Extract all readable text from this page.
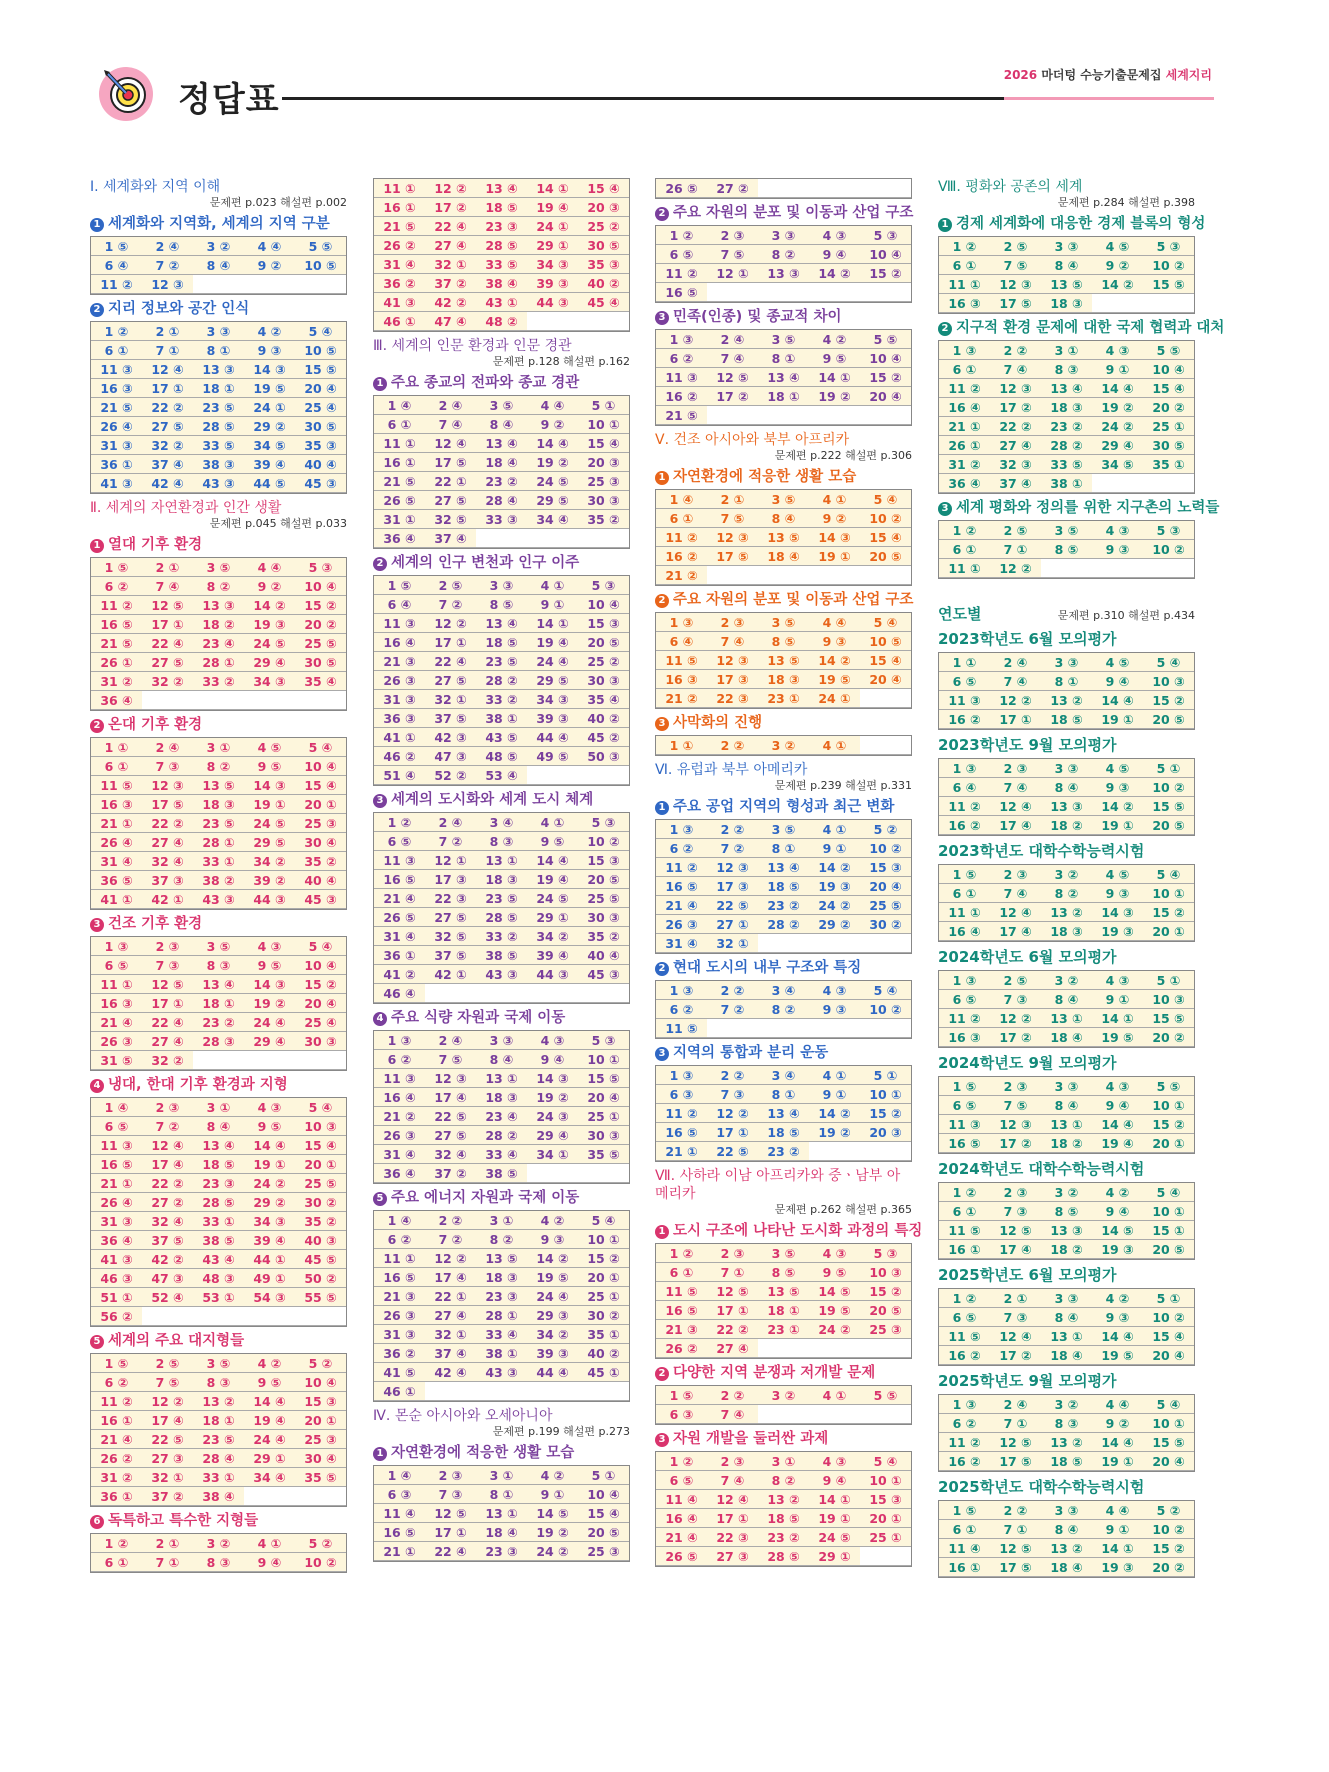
정답표
2026 마더텅 수능기출문제집 세계지리
Ⅰ. 세계화와 지역 이해
문제편 p.023 해설편 p.002
1 세계화와 지역화, 세계의 지역 구분
1 ⑤	2 ④	3 ②	4 ④	5 ⑤
6 ④	7 ②	8 ④	9 ②	10 ⑤
11 ②	12 ③
2 지리 정보와 공간 인식
1 ②	2 ①	3 ③	4 ②	5 ④
6 ①	7 ①	8 ①	9 ③	10 ⑤
11 ③	12 ④	13 ③	14 ③	15 ⑤
16 ③	17 ①	18 ①	19 ⑤	20 ④
21 ⑤	22 ②	23 ⑤	24 ①	25 ④
26 ④	27 ⑤	28 ⑤	29 ②	30 ⑤
31 ③	32 ②	33 ⑤	34 ⑤	35 ③
36 ①	37 ④	38 ③	39 ④	40 ④
41 ③	42 ④	43 ③	44 ⑤	45 ③
Ⅱ. 세계의 자연환경과 인간 생활
문제편 p.045 해설편 p.033
1 열대 기후 환경
1 ⑤	2 ①	3 ⑤	4 ④	5 ③
6 ②	7 ④	8 ②	9 ②	10 ④
11 ②	12 ⑤	13 ③	14 ②	15 ②
16 ⑤	17 ①	18 ②	19 ③	20 ②
21 ⑤	22 ④	23 ④	24 ⑤	25 ⑤
26 ①	27 ⑤	28 ①	29 ④	30 ⑤
31 ②	32 ②	33 ②	34 ③	35 ④
36 ④
2 온대 기후 환경
1 ①	2 ④	3 ①	4 ⑤	5 ④
6 ①	7 ③	8 ②	9 ⑤	10 ④
11 ⑤	12 ③	13 ⑤	14 ③	15 ④
16 ③	17 ⑤	18 ③	19 ①	20 ①
21 ①	22 ②	23 ⑤	24 ⑤	25 ③
26 ④	27 ④	28 ①	29 ⑤	30 ④
31 ④	32 ④	33 ①	34 ②	35 ②
36 ⑤	37 ③	38 ②	39 ②	40 ④
41 ①	42 ①	43 ③	44 ③	45 ③
3 건조 기후 환경
1 ③	2 ③	3 ⑤	4 ③	5 ④
6 ⑤	7 ③	8 ③	9 ⑤	10 ④
11 ①	12 ⑤	13 ④	14 ③	15 ②
16 ③	17 ①	18 ①	19 ②	20 ④
21 ④	22 ④	23 ②	24 ④	25 ④
26 ③	27 ④	28 ③	29 ④	30 ③
31 ⑤	32 ②
4 냉대, 한대 기후 환경과 지형
1 ④	2 ③	3 ①	4 ③	5 ④
6 ⑤	7 ②	8 ④	9 ⑤	10 ③
11 ③	12 ④	13 ④	14 ④	15 ④
16 ⑤	17 ④	18 ⑤	19 ①	20 ①
21 ①	22 ②	23 ③	24 ②	25 ⑤
26 ④	27 ②	28 ⑤	29 ②	30 ②
31 ③	32 ④	33 ①	34 ③	35 ②
36 ④	37 ⑤	38 ⑤	39 ④	40 ③
41 ③	42 ②	43 ④	44 ①	45 ⑤
46 ③	47 ③	48 ③	49 ①	50 ②
51 ①	52 ④	53 ①	54 ③	55 ⑤
56 ②
5 세계의 주요 대지형들
1 ⑤	2 ⑤	3 ⑤	4 ②	5 ②
6 ②	7 ⑤	8 ③	9 ⑤	10 ④
11 ②	12 ②	13 ②	14 ④	15 ③
16 ①	17 ④	18 ①	19 ④	20 ①
21 ④	22 ⑤	23 ⑤	24 ④	25 ③
26 ②	27 ③	28 ④	29 ①	30 ④
31 ②	32 ①	33 ①	34 ④	35 ⑤
36 ①	37 ②	38 ④
6 독특하고 특수한 지형들
1 ②	2 ①	3 ②	4 ①	5 ②
6 ①	7 ①	8 ③	9 ④	10 ②
11 ①	12 ②	13 ④	14 ①	15 ④
16 ①	17 ②	18 ⑤	19 ④	20 ③
21 ⑤	22 ④	23 ③	24 ①	25 ②
26 ②	27 ④	28 ⑤	29 ①	30 ⑤
31 ④	32 ①	33 ⑤	34 ③	35 ③
36 ②	37 ②	38 ④	39 ③	40 ②
41 ③	42 ②	43 ①	44 ③	45 ④
46 ①	47 ④	48 ②
Ⅲ. 세계의 인문 환경과 인문 경관
문제편 p.128 해설편 p.162
1 주요 종교의 전파와 종교 경관
1 ④	2 ④	3 ⑤	4 ④	5 ①
6 ①	7 ④	8 ④	9 ②	10 ①
11 ①	12 ④	13 ④	14 ④	15 ④
16 ①	17 ⑤	18 ④	19 ②	20 ③
21 ⑤	22 ①	23 ②	24 ⑤	25 ③
26 ⑤	27 ⑤	28 ④	29 ⑤	30 ③
31 ①	32 ⑤	33 ③	34 ④	35 ②
36 ④	37 ④
2 세계의 인구 변천과 인구 이주
1 ⑤	2 ⑤	3 ③	4 ①	5 ③
6 ④	7 ②	8 ⑤	9 ①	10 ④
11 ③	12 ②	13 ④	14 ①	15 ③
16 ④	17 ①	18 ⑤	19 ④	20 ⑤
21 ③	22 ④	23 ⑤	24 ④	25 ②
26 ③	27 ⑤	28 ②	29 ⑤	30 ③
31 ③	32 ①	33 ②	34 ③	35 ④
36 ③	37 ⑤	38 ①	39 ③	40 ②
41 ①	42 ③	43 ⑤	44 ④	45 ②
46 ②	47 ③	48 ⑤	49 ⑤	50 ③
51 ④	52 ②	53 ④
3 세계의 도시화와 세계 도시 체계
1 ②	2 ④	3 ④	4 ①	5 ③
6 ⑤	7 ②	8 ③	9 ⑤	10 ②
11 ③	12 ①	13 ①	14 ④	15 ③
16 ⑤	17 ③	18 ③	19 ④	20 ⑤
21 ④	22 ③	23 ⑤	24 ⑤	25 ⑤
26 ⑤	27 ⑤	28 ⑤	29 ①	30 ③
31 ④	32 ⑤	33 ②	34 ②	35 ②
36 ①	37 ⑤	38 ⑤	39 ④	40 ④
41 ②	42 ①	43 ③	44 ③	45 ③
46 ④
4 주요 식량 자원과 국제 이동
1 ③	2 ④	3 ③	4 ③	5 ③
6 ②	7 ⑤	8 ④	9 ④	10 ①
11 ③	12 ③	13 ①	14 ③	15 ⑤
16 ④	17 ④	18 ③	19 ②	20 ④
21 ②	22 ⑤	23 ④	24 ③	25 ①
26 ③	27 ⑤	28 ②	29 ④	30 ③
31 ④	32 ④	33 ④	34 ①	35 ⑤
36 ④	37 ②	38 ⑤
5 주요 에너지 자원과 국제 이동
1 ④	2 ②	3 ①	4 ②	5 ④
6 ②	7 ②	8 ②	9 ③	10 ①
11 ①	12 ②	13 ⑤	14 ②	15 ②
16 ⑤	17 ④	18 ③	19 ⑤	20 ①
21 ③	22 ①	23 ③	24 ④	25 ①
26 ③	27 ④	28 ①	29 ③	30 ②
31 ③	32 ①	33 ④	34 ②	35 ①
36 ②	37 ④	38 ①	39 ③	40 ②
41 ⑤	42 ④	43 ③	44 ④	45 ①
46 ①
Ⅳ. 몬순 아시아와 오세아니아
문제편 p.199 해설편 p.273
1 자연환경에 적응한 생활 모습
1 ④	2 ③	3 ①	4 ②	5 ①
6 ③	7 ③	8 ①	9 ①	10 ④
11 ④	12 ⑤	13 ①	14 ⑤	15 ④
16 ⑤	17 ①	18 ④	19 ②	20 ⑤
21 ①	22 ④	23 ③	24 ②	25 ③
26 ⑤	27 ②
2 주요 자원의 분포 및 이동과 산업 구조
1 ②	2 ③	3 ③	4 ③	5 ③
6 ⑤	7 ⑤	8 ②	9 ④	10 ④
11 ②	12 ①	13 ③	14 ②	15 ②
16 ⑤
3 민족(인종) 및 종교적 차이
1 ③	2 ④	3 ⑤	4 ②	5 ⑤
6 ②	7 ④	8 ①	9 ⑤	10 ④
11 ③	12 ⑤	13 ④	14 ①	15 ②
16 ②	17 ②	18 ①	19 ②	20 ④
21 ⑤
Ⅴ. 건조 아시아와 북부 아프리카
문제편 p.222 해설편 p.306
1 자연환경에 적응한 생활 모습
1 ④	2 ①	3 ⑤	4 ①	5 ④
6 ①	7 ⑤	8 ④	9 ②	10 ②
11 ②	12 ③	13 ⑤	14 ③	15 ④
16 ②	17 ⑤	18 ④	19 ①	20 ⑤
21 ②
2 주요 자원의 분포 및 이동과 산업 구조
1 ③	2 ③	3 ⑤	4 ④	5 ④
6 ④	7 ④	8 ⑤	9 ③	10 ⑤
11 ⑤	12 ③	13 ⑤	14 ②	15 ④
16 ③	17 ③	18 ③	19 ⑤	20 ④
21 ②	22 ③	23 ①	24 ①
3 사막화의 진행
1 ①	2 ②	3 ②	4 ①
Ⅵ. 유럽과 북부 아메리카
문제편 p.239 해설편 p.331
1 주요 공업 지역의 형성과 최근 변화
1 ③	2 ②	3 ⑤	4 ①	5 ②
6 ②	7 ②	8 ①	9 ①	10 ②
11 ②	12 ③	13 ④	14 ②	15 ③
16 ⑤	17 ③	18 ⑤	19 ③	20 ④
21 ④	22 ⑤	23 ②	24 ②	25 ⑤
26 ③	27 ①	28 ②	29 ②	30 ②
31 ④	32 ①
2 현대 도시의 내부 구조와 특징
1 ③	2 ②	3 ④	4 ③	5 ④
6 ②	7 ②	8 ②	9 ③	10 ②
11 ⑤
3 지역의 통합과 분리 운동
1 ③	2 ②	3 ④	4 ①	5 ①
6 ③	7 ③	8 ①	9 ①	10 ①
11 ②	12 ②	13 ④	14 ②	15 ②
16 ⑤	17 ①	18 ⑤	19 ②	20 ③
21 ①	22 ⑤	23 ②
Ⅶ. 사하라 이남 아프리카와 중ㆍ남부 아메리카
문제편 p.262 해설편 p.365
1 도시 구조에 나타난 도시화 과정의 특징
1 ②	2 ③	3 ⑤	4 ③	5 ③
6 ①	7 ①	8 ⑤	9 ⑤	10 ③
11 ⑤	12 ⑤	13 ⑤	14 ⑤	15 ②
16 ⑤	17 ①	18 ①	19 ⑤	20 ⑤
21 ③	22 ②	23 ①	24 ②	25 ③
26 ②	27 ④
2 다양한 지역 분쟁과 저개발 문제
1 ⑤	2 ②	3 ②	4 ①	5 ⑤
6 ③	7 ④
3 자원 개발을 둘러싼 과제
1 ②	2 ③	3 ①	4 ③	5 ④
6 ⑤	7 ④	8 ②	9 ④	10 ①
11 ④	12 ④	13 ②	14 ①	15 ③
16 ④	17 ①	18 ⑤	19 ①	20 ①
21 ④	22 ③	23 ②	24 ⑤	25 ①
26 ⑤	27 ③	28 ⑤	29 ①
Ⅷ. 평화와 공존의 세계
문제편 p.284 해설편 p.398
1 경제 세계화에 대응한 경제 블록의 형성
1 ②	2 ⑤	3 ③	4 ⑤	5 ③
6 ①	7 ⑤	8 ④	9 ②	10 ②
11 ①	12 ③	13 ⑤	14 ②	15 ⑤
16 ③	17 ⑤	18 ③
2 지구적 환경 문제에 대한 국제 협력과 대처
1 ③	2 ②	3 ①	4 ③	5 ⑤
6 ①	7 ④	8 ③	9 ①	10 ④
11 ②	12 ③	13 ④	14 ④	15 ④
16 ④	17 ②	18 ③	19 ②	20 ②
21 ①	22 ②	23 ②	24 ②	25 ①
26 ①	27 ④	28 ②	29 ④	30 ⑤
31 ②	32 ③	33 ⑤	34 ⑤	35 ①
36 ④	37 ④	38 ①
3 세계 평화와 정의를 위한 지구촌의 노력들
1 ②	2 ⑤	3 ⑤	4 ③	5 ③
6 ①	7 ①	8 ⑤	9 ③	10 ②
11 ①	12 ②
연도별	문제편 p.310 해설편 p.434
2023학년도 6월 모의평가
1 ①	2 ④	3 ③	4 ⑤	5 ④
6 ⑤	7 ④	8 ①	9 ④	10 ③
11 ③	12 ②	13 ②	14 ④	15 ②
16 ②	17 ①	18 ⑤	19 ①	20 ⑤
2023학년도 9월 모의평가
1 ③	2 ③	3 ③	4 ⑤	5 ①
6 ④	7 ④	8 ④	9 ③	10 ②
11 ②	12 ④	13 ③	14 ②	15 ⑤
16 ②	17 ④	18 ②	19 ①	20 ⑤
2023학년도 대학수학능력시험
1 ⑤	2 ③	3 ②	4 ⑤	5 ④
6 ①	7 ④	8 ②	9 ③	10 ①
11 ①	12 ④	13 ②	14 ③	15 ②
16 ④	17 ④	18 ③	19 ③	20 ①
2024학년도 6월 모의평가
1 ③	2 ⑤	3 ②	4 ③	5 ①
6 ⑤	7 ③	8 ④	9 ①	10 ③
11 ②	12 ②	13 ①	14 ①	15 ⑤
16 ③	17 ②	18 ④	19 ⑤	20 ②
2024학년도 9월 모의평가
1 ⑤	2 ③	3 ③	4 ③	5 ⑤
6 ⑤	7 ⑤	8 ④	9 ④	10 ①
11 ③	12 ③	13 ①	14 ④	15 ②
16 ⑤	17 ②	18 ②	19 ④	20 ①
2024학년도 대학수학능력시험
1 ②	2 ③	3 ②	4 ②	5 ④
6 ①	7 ③	8 ⑤	9 ④	10 ①
11 ⑤	12 ⑤	13 ③	14 ⑤	15 ①
16 ①	17 ④	18 ②	19 ③	20 ⑤
2025학년도 6월 모의평가
1 ②	2 ①	3 ③	4 ②	5 ①
6 ⑤	7 ③	8 ④	9 ③	10 ②
11 ⑤	12 ④	13 ①	14 ④	15 ④
16 ②	17 ②	18 ④	19 ⑤	20 ④
2025학년도 9월 모의평가
1 ③	2 ④	3 ②	4 ④	5 ④
6 ②	7 ①	8 ③	9 ②	10 ①
11 ②	12 ⑤	13 ②	14 ④	15 ⑤
16 ②	17 ⑤	18 ⑤	19 ①	20 ④
2025학년도 대학수학능력시험
1 ⑤	2 ②	3 ③	4 ④	5 ②
6 ①	7 ①	8 ④	9 ①	10 ②
11 ④	12 ⑤	13 ②	14 ①	15 ②
16 ①	17 ⑤	18 ④	19 ③	20 ②
